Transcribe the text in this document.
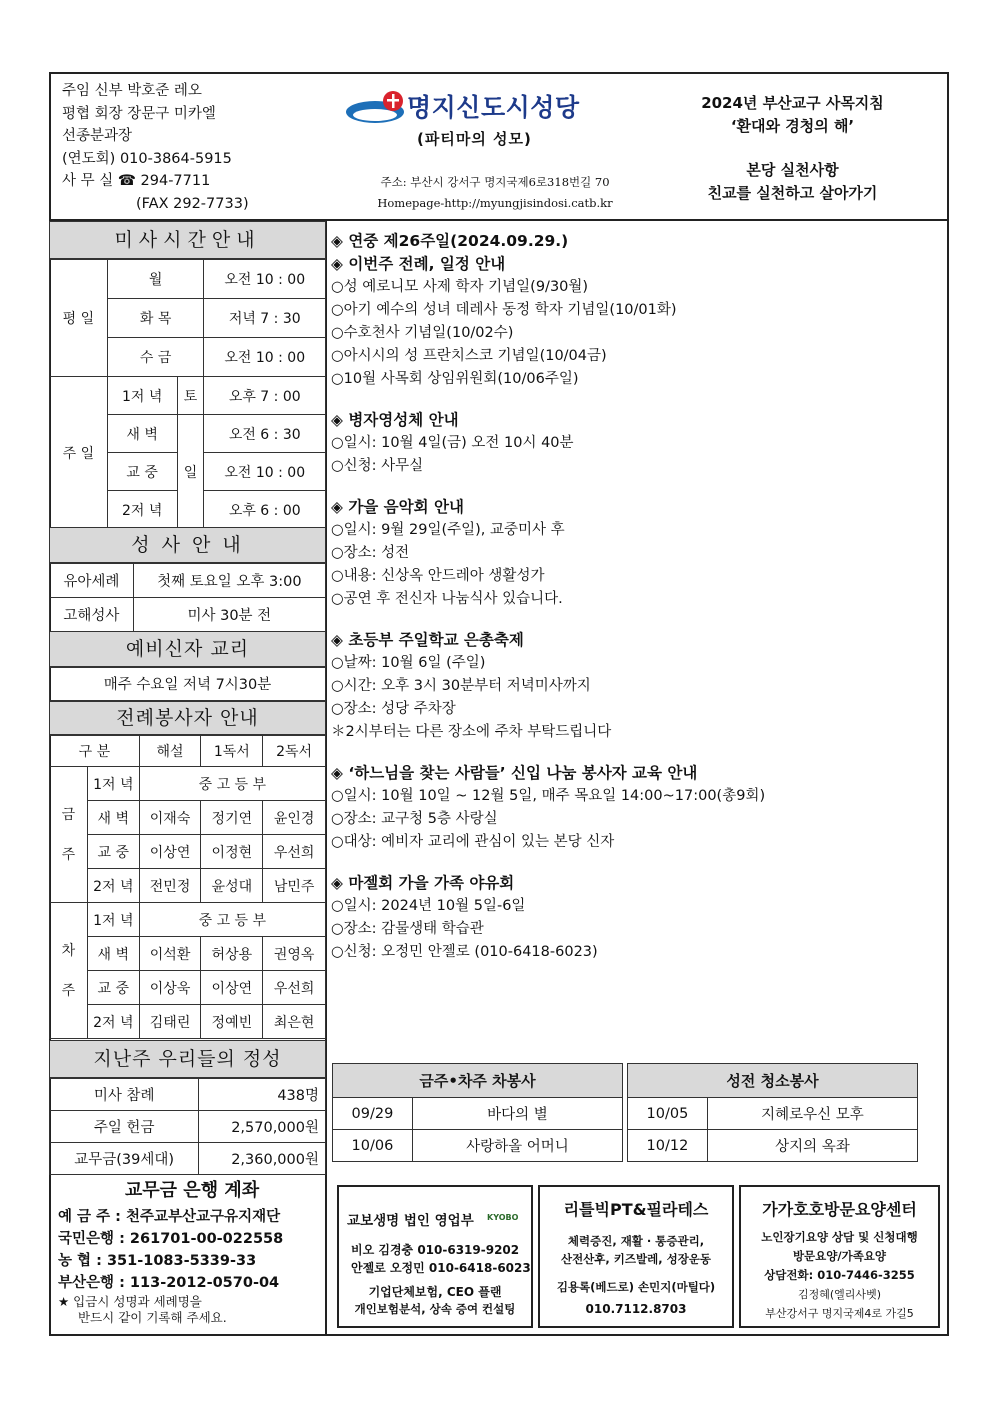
주임 신부 박호준 레오
평협 회장 장문구 미카엘
선종분과장
(연도회) 010-3864-5915
사 무 실 ☎ 294-7711
(FAX 292-7733)
명지신도시성당
(파티마의 성모)
주소: 부산시 강서구 명지국제6로318번길 70
Homepage-http://myungjisindosi.catb.kr
2024년 부산교구 사목지침
‘환대와 경청의 해’
본당 실천사항
친교를 실천하고 살아가기
미사시간안내
평 일	월		오전 10 : 00
	화 목		저녁 7 : 30
	수 금		오전 10 : 00
주 일	1저 녁	토	오후 7 : 00
	새 벽	일	오전 6 : 30
	교 중		오전 10 : 00
	2저 녁		오후 6 : 00
성 사 안 내
유아세례	첫째 토요일 오후 3:00
고해성사	미사 30분 전
예비신자 교리
매주 수요일 저녁 7시30분
전례봉사자 안내
구 분		해설	1독서	2독서
금
주	1저 녁	중 고 등 부		
	새 벽	이재숙	정기연	윤인경
	교 중	이상연	이정현	우선희
	2저 녁	전민정	윤성대	남민주
차
주	1저 녁	중 고 등 부		
	새 벽	이석환	허상용	권영옥
	교 중	이상욱	이상연	우선희
	2저 녁	김태린	정예빈	최은현
지난주 우리들의 정성
미사 참례	438명
주일 헌금	2,570,000원
교무금(39세대)	2,360,000원
교무금 은행 계좌
예 금 주 : 천주교부산교구유지재단
국민은행 : 261701-00-022558
농 협 : 351-1083-5339-33
부산은행 : 113-2012-0570-04
★ 입금시 성명과 세례명을
반드시 같이 기록해 주세요.
◈ 연중 제26주일(2024.09.29.)
◈ 이번주 전례, 일정 안내
○성 예로니모 사제 학자 기념일(9/30월)
○아기 예수의 성녀 데레사 동정 학자 기념일(10/01화)
○수호천사 기념일(10/02수)
○아시시의 성 프란치스코 기념일(10/04금)
○10월 사목회 상임위원회(10/06주일)
◈ 병자영성체 안내
○일시: 10월 4일(금) 오전 10시 40분
○신청: 사무실
◈ 가을 음악회 안내
○일시: 9월 29일(주일), 교중미사 후
○장소: 성전
○내용: 신상옥 안드레아 생활성가
○공연 후 전신자 나눔식사 있습니다.
◈ 초등부 주일학교 은총축제
○날짜: 10월 6일 (주일)
○시간: 오후 3시 30분부터 저녁미사까지
○장소: 성당 주차장
＊2시부터는 다른 장소에 주차 부탁드립니다
◈ ‘하느님을 찾는 사람들’ 신입 나눔 봉사자 교육 안내
○일시: 10월 10일 ~ 12월 5일, 매주 목요일 14:00~17:00(총9회)
○장소: 교구청 5층 사랑실
○대상: 예비자 교리에 관심이 있는 본당 신자
◈ 마젤회 가을 가족 야유회
○일시: 2024년 10월 5일-6일
○장소: 감물생태 학습관
○신청: 오정민 안젤로 (010-6418-6023)
금주•차주 차봉사	
09/29	바다의 별
10/06	사랑하올 어머니
성전 청소봉사	
10/05	지혜로우신 모후
10/12	상지의 옥좌
교보생명 법인 영업부 KYOBO
비오 김경충 010-6319-9202
안젤로 오정민 010-6418-6023
기업단체보험, CEO 플랜
개인보험분석, 상속 증여 컨설팅
리틀빅PT&필라테스
체력증진, 재활 · 통증관리,
산전산후, 키즈발레, 성장운동
김용록(베드로) 손민지(마틸다)
010.7112.8703
가가호호방문요양센터
노인장기요양 상담 및 신청대행
방문요양/가족요양
상담전화: 010-7446-3255
김정혜(엘리사벳)
부산강서구 명지국제4로 가길5
